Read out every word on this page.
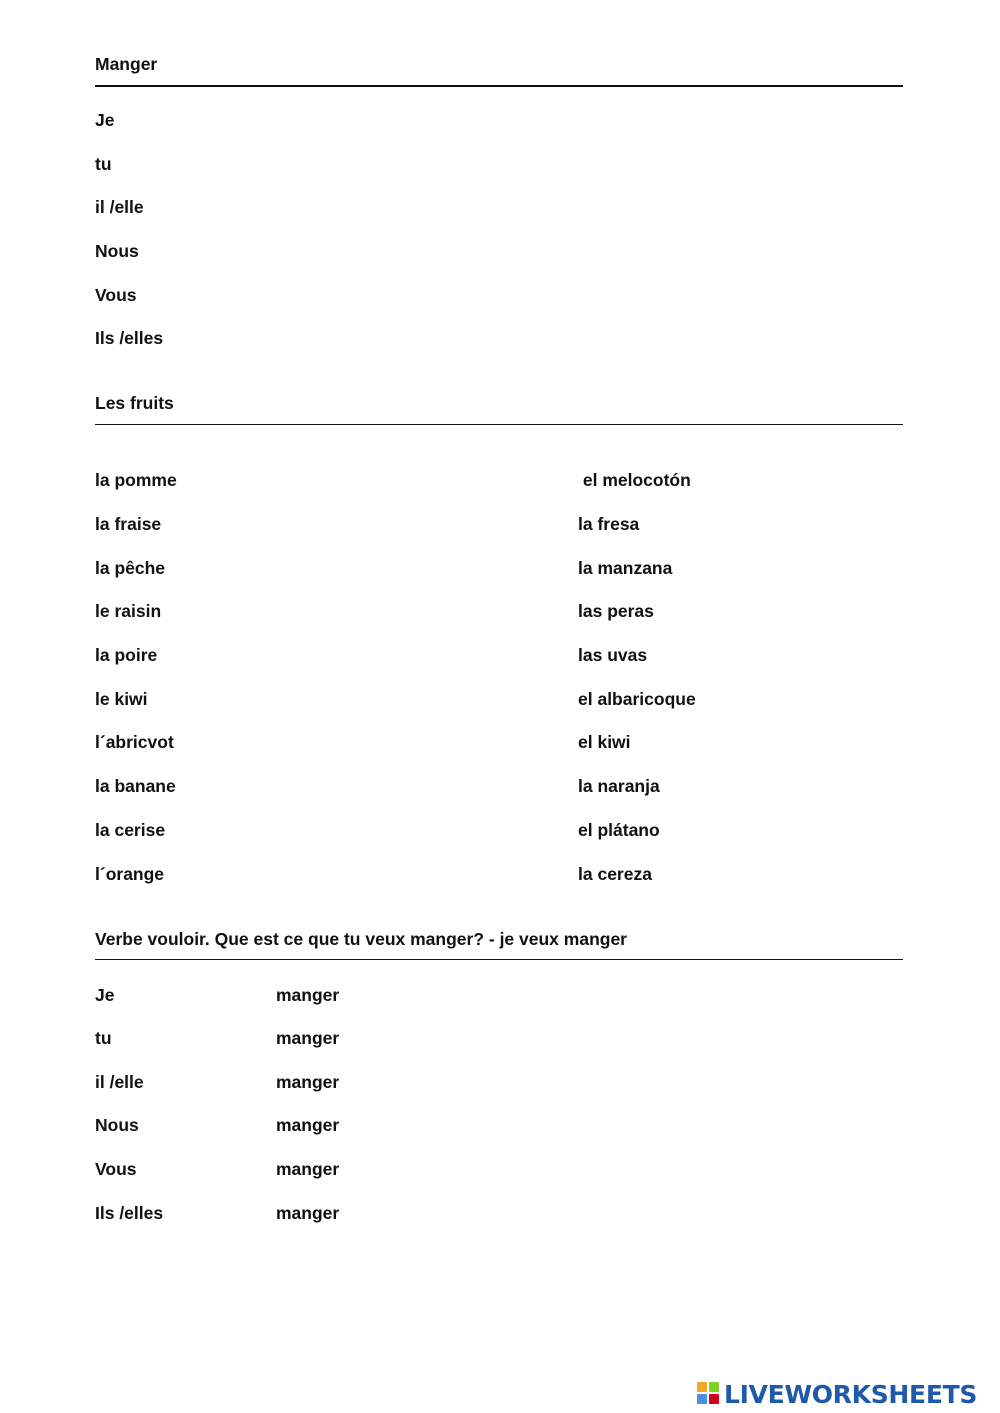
Manger
Je
tu
il /elle
Nous
Vous
Ils /elles
Les fruits
la pomme
la fraise
la pêche
le raisin
la poire
le kiwi
l´abricvot
la banane
la cerise
l´orange
el melocotón
la fresa
la manzana
las peras
las uvas
el albaricoque
el kiwi
la naranja
el plátano
la cereza
Verbe vouloir. Que est ce que tu veux manger? - je veux manger
Je
tu
il /elle
Nous
Vous
Ils /elles
manger
manger
manger
manger
manger
manger
LIVEWORKSHEETS
